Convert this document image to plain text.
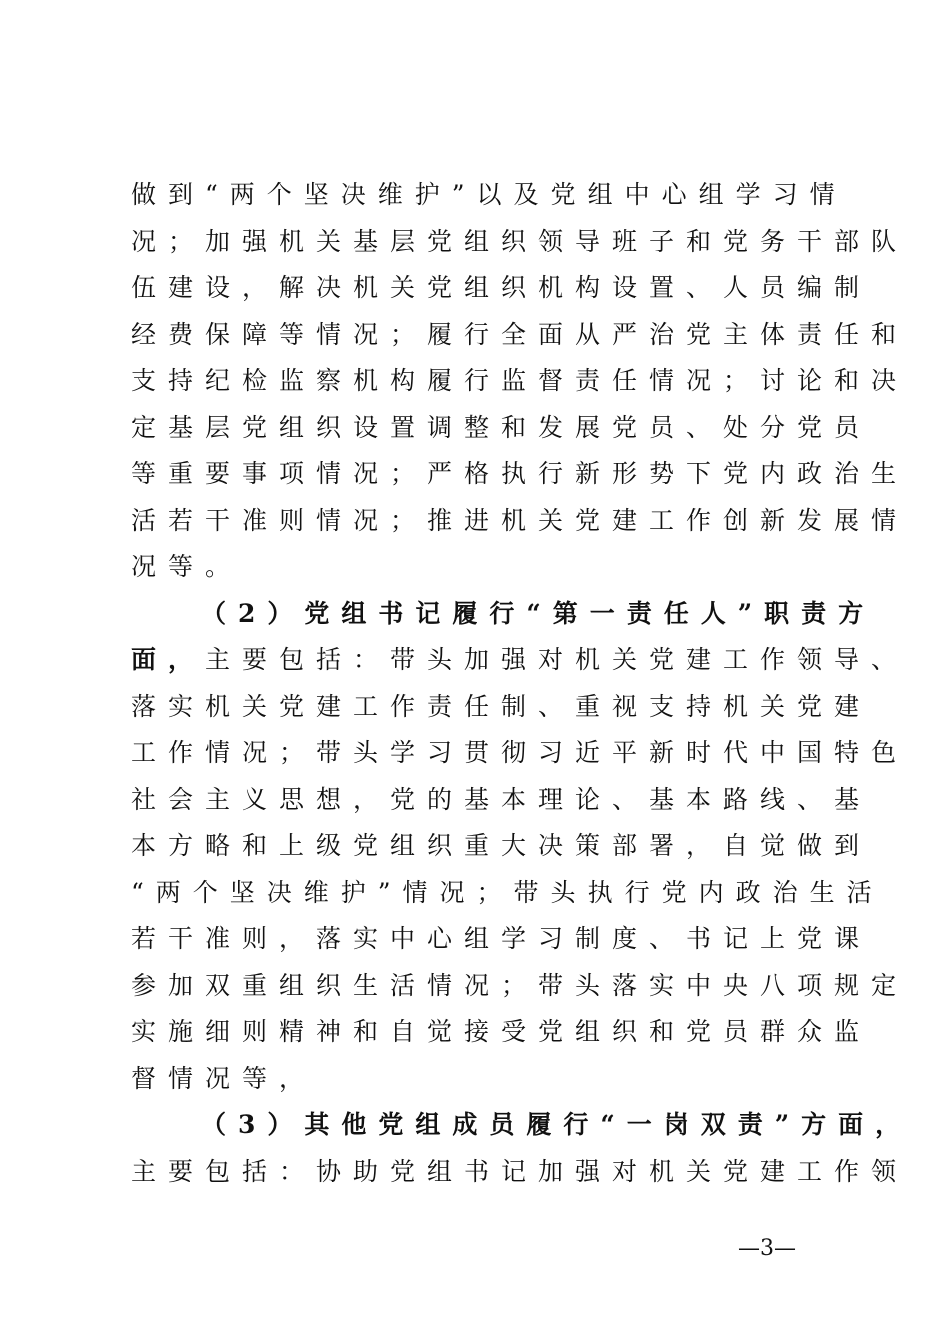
做到“两个坚决维护”以及党组中心组学习情
况；加强机关基层党组织领导班子和党务干部队
伍建设，解决机关党组织机构设置、人员编制
经费保障等情况；履行全面从严治党主体责任和
支持纪检监察机构履行监督责任情况；讨论和决
定基层党组织设置调整和发展党员、处分党员
等重要事项情况；严格执行新形势下党内政治生
活若干准则情况；推进机关党建工作创新发展情
况等。
（2）党组书记履行“第一责任人”职责方
面，主要包括：带头加强对机关党建工作领导、
落实机关党建工作责任制、重视支持机关党建
工作情况；带头学习贯彻习近平新时代中国特色
社会主义思想，党的基本理论、基本路线、基
本方略和上级党组织重大决策部署，自觉做到
“两个坚决维护”情况；带头执行党内政治生活
若干准则，落实中心组学习制度、书记上党课
参加双重组织生活情况；带头落实中央八项规定
实施细则精神和自觉接受党组织和党员群众监
督情况等，
（3）其他党组成员履行“一岗双责”方面，
主要包括：协助党组书记加强对机关党建工作领
—3—
